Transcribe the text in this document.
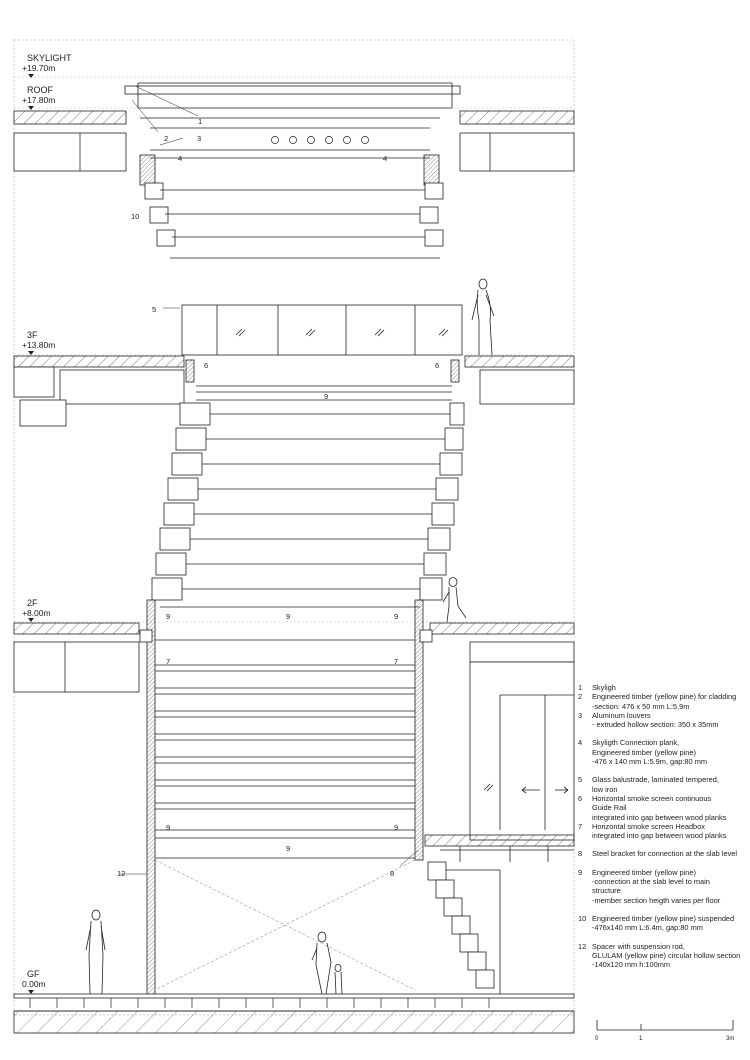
SKYLIGHT
+19.70m
ROOF
+17.80m
3F
+13.80m
2F
+8.00m
GF
0.00m
1
2	3
4	4
10
5
6	6
9
9	9	9
7	7
9	9
9
8
12
0	1	3m
1	Skyligh
2	Engineered timber (yellow pine) for cladding
-section: 476 x 50 mm L:5.9m
3	Aluminum louvers
- extruded hollow section: 350 x 35mm
4	Skyligth Connection plank,
Engineered timber (yellow pine)
-476 x 140 mm L:5.9m, gap:80 mm
5	Glass balustrade, laminated tempered,
low iron
6	Horizontal smoke screen continuous
Guide Rail
integrated into gap between wood planks
7	Horizontal smoke screen Headbox
integrated into gap between wood planks
8	Steel bracket for connection at the slab level
9	Engineered timber (yellow pine)
-connection at the slab level to main
structure
-member section heigth varies per floor
10 Engineered timber (yellow pine) suspended
-476x140 mm L:6.4m, gap:80 mm
12 Spacer with suspension rod,
GLULAM (yellow pine) circular hollow section
-140x120 mm h:100mm
